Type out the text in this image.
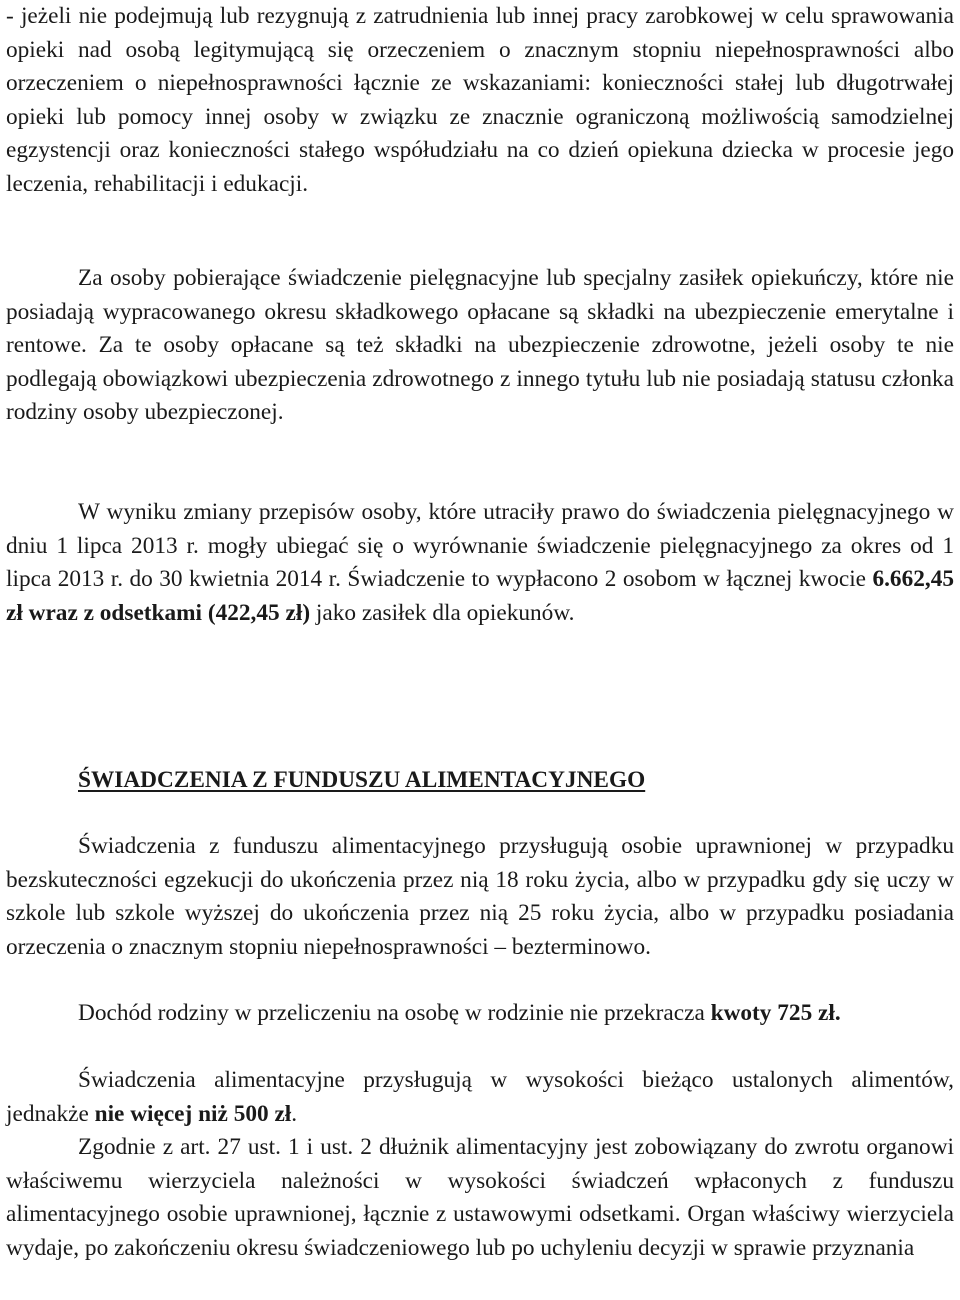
- jeżeli nie podejmują lub rezygnują z zatrudnienia lub innej pracy zarobkowej w celu sprawowania opieki nad osobą legitymującą się orzeczeniem o znacznym stopniu niepełnosprawności albo orzeczeniem o niepełnosprawności łącznie ze wskazaniami: konieczności stałej lub długotrwałej opieki lub pomocy innej osoby w związku ze znacznie ograniczoną możliwością samodzielnej egzystencji oraz konieczności stałego współudziału na co dzień opiekuna dziecka w procesie jego leczenia, rehabilitacji i edukacji.

Za osoby pobierające świadczenie pielęgnacyjne lub specjalny zasiłek opiekuńczy, które nie posiadają wypracowanego okresu składkowego opłacane są składki na ubezpieczenie emerytalne i rentowe. Za te osoby opłacane są też składki na ubezpieczenie zdrowotne, jeżeli osoby te nie podlegają obowiązkowi ubezpieczenia zdrowotnego z innego tytułu lub nie posiadają statusu członka rodziny osoby ubezpieczonej.

W wyniku zmiany przepisów osoby, które utraciły prawo do świadczenia pielęgnacyjnego w dniu 1 lipca 2013 r. mogły ubiegać się o wyrównanie świadczenie pielęgnacyjnego za okres od 1 lipca 2013 r. do 30 kwietnia 2014 r. Świadczenie to wypłacono 2 osobom w łącznej kwocie 6.662,45 zł wraz z odsetkami (422,45 zł) jako zasiłek dla opiekunów.

ŚWIADCZENIA Z FUNDUSZU ALIMENTACYJNEGO

Świadczenia z funduszu alimentacyjnego przysługują osobie uprawnionej w przypadku bezskuteczności egzekucji do ukończenia przez nią 18 roku życia, albo w przypadku gdy się uczy w szkole lub szkole wyższej do ukończenia przez nią 25 roku życia, albo w przypadku posiadania orzeczenia o znacznym stopniu niepełnosprawności – bezterminowo.

Dochód rodziny w przeliczeniu na osobę w rodzinie nie przekracza kwoty 725 zł.

Świadczenia alimentacyjne przysługują w wysokości bieżąco ustalonych alimentów, jednakże nie więcej niż 500 zł.

Zgodnie z art. 27 ust. 1 i ust. 2 dłużnik alimentacyjny jest zobowiązany do zwrotu organowi właściwemu wierzyciela należności w wysokości świadczeń wpłaconych z funduszu alimentacyjnego osobie uprawnionej, łącznie z ustawowymi odsetkami. Organ właściwy wierzyciela wydaje, po zakończeniu okresu świadczeniowego lub po uchyleniu decyzji w sprawie przyznania
